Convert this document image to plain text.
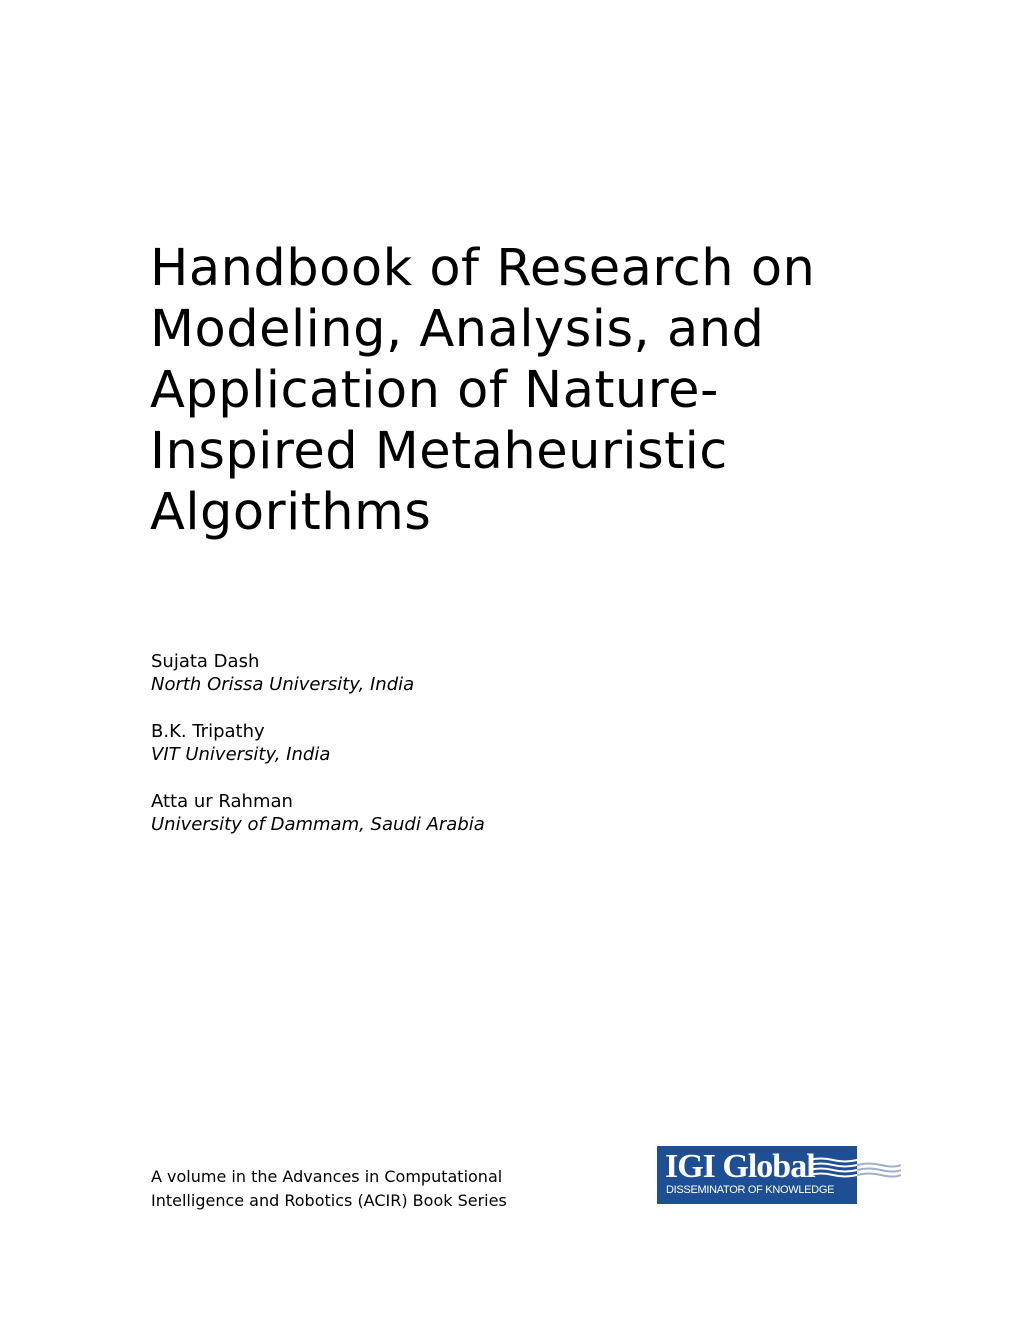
Handbook of Research on
Modeling, Analysis, and
Application of Nature-
Inspired Metaheuristic
Algorithms
Sujata Dash
North Orissa University, India
B.K. Tripathy
VIT University, India
Atta ur Rahman
University of Dammam, Saudi Arabia
A volume in the Advances in Computational
Intelligence and Robotics (ACIR) Book Series
IGI Global
DISSEMINATOR OF KNOWLEDGE
